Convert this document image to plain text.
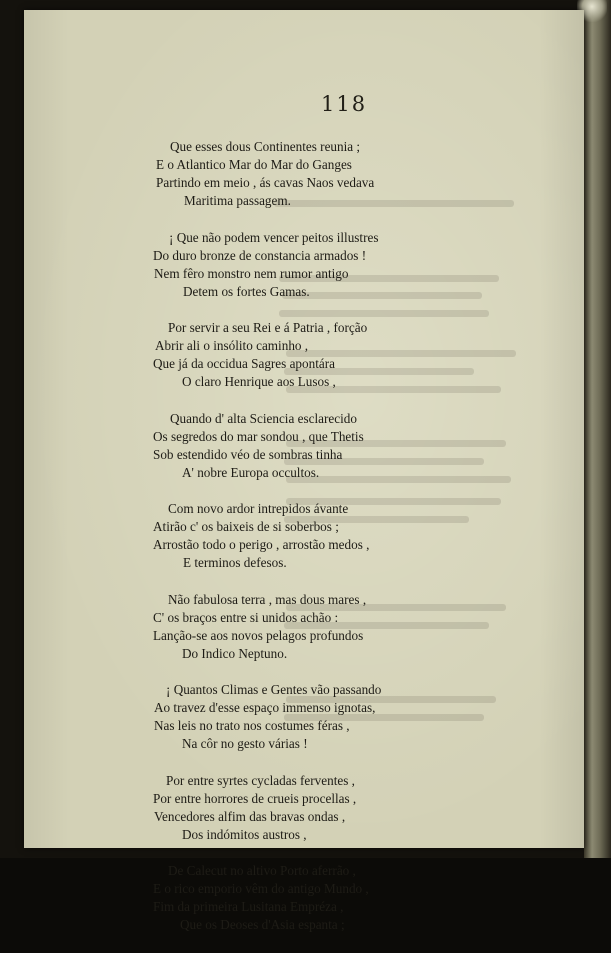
118
Que esses dous Continentes reunia ;
E o Atlantico Mar do Mar do Ganges
Partindo em meio , ás cavas Naos vedava
Maritima passagem.
¡ Que não podem vencer peitos illustres
Do duro bronze de constancia armados !
Nem fêro monstro nem rumor antigo
Detem os fortes Gamas.
Por servir a seu Rei e á Patria , forção
Abrir ali o insólito caminho ,
Que já da occidua Sagres apontára
O claro Henrique aos Lusos ,
Quando d' alta Sciencia esclarecido
Os segredos do mar sondou , que Thetis
Sob estendido véo de sombras tinha
A' nobre Europa occultos.
Com novo ardor intrepidos ávante
Atirão c' os baixeis de si soberbos ;
Arrostão todo o perigo , arrostão medos ,
E terminos defesos.
Não fabulosa terra , mas dous mares ,
C' os braços entre si unidos achão :
Lanção-se aos novos pelagos profundos
Do Indico Neptuno.
¡ Quantos Climas e Gentes vão passando
Ao travez d'esse espaço immenso ignotas,
Nas leis no trato nos costumes féras ,
Na côr no gesto várias !
Por entre syrtes cycladas ferventes ,
Por entre horrores de crueis procellas ,
Vencedores alfim das bravas ondas ,
Dos indómitos austros ,
De Calecut no altivo Porto aferrão ,
E o rico emporio vêm do antigo Mundo ,
Fim da primeira Lusitana Empréza ,
Que os Deoses d'Asia espanta ;
